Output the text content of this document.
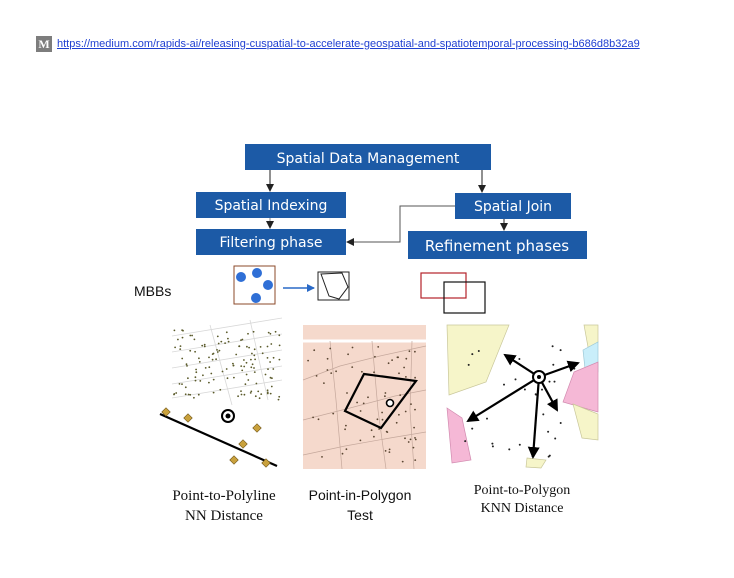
M https://medium.com/rapids-ai/releasing-cuspatial-to-accelerate-geospatial-and-spatiotemporal-processing-b686d8b32a9
Spatial Data Management
Spatial Indexing	Spatial Join
Filtering phase	Refinement phases
MBBs
Point-to-Polyline
NN Distance
Point-in-Polygon
Test
Point-to-Polygon
KNN Distance
